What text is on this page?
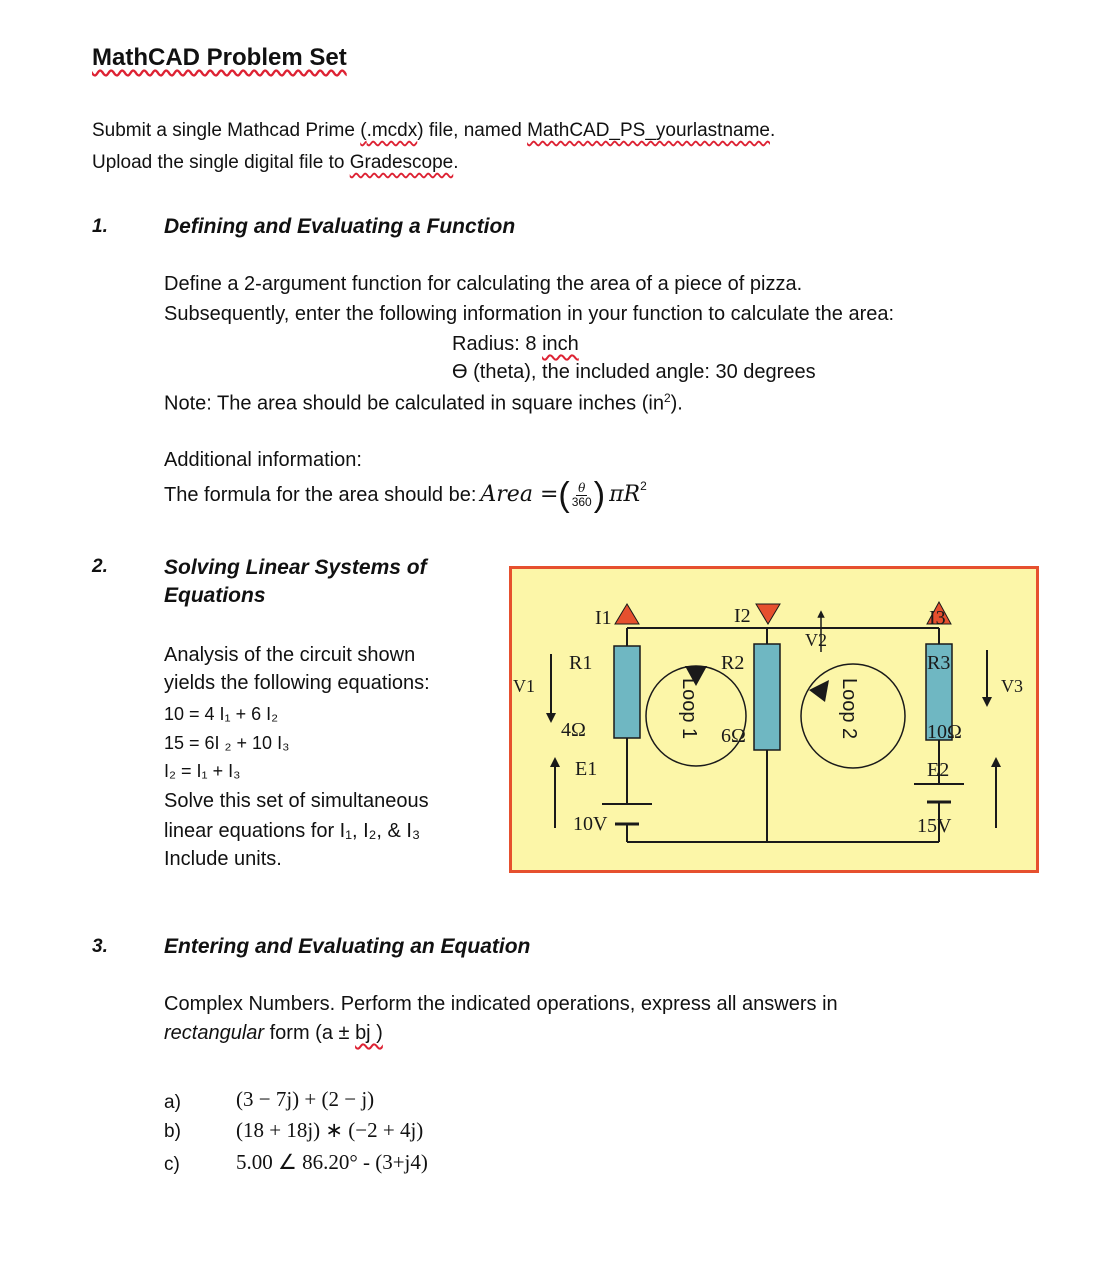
MathCAD Problem Set
Submit a single Mathcad Prime (.mcdx) file, named MathCAD_PS_yourlastname.
Upload the single digital file to Gradescope.
1.	Defining and Evaluating a Function
Define a 2-argument function for calculating the area of a piece of pizza.
Subsequently, enter the following information in your function to calculate the area:
Radius: 8 inch
ϴ (theta), the included angle: 30 degrees
Note: The area should be calculated in square inches $(in^2)$.
Additional information:
The formula for the area should be: Area = ( $\frac{\theta}{360}$ ) $\pi R^2$
2.	Solving Linear Systems of
Equations
Analysis of the circuit shown
yields the following equations:
10 = 4 I₁ + 6 I₂
15 = 6I ₂ + 10 I₃
I₂ = I₁ + I₃
Solve this set of simultaneous
linear equations for I₁, I₂, & I₃
Include units.
I1	I2	I3
V1
V2
V3
R1	R2	R3
4Ω	6Ω	10Ω
E1	E2
10V	15V
Loop 1	Loop 2
3.	Entering and Evaluating an Equation
Complex Numbers. Perform the indicated operations, express all answers in
rectangular form (a ± bj )
a)	(3 − 7j) + (2 − j)
b)	(18 + 18j) ∗ (−2 + 4j)
c)	5.00 ∠ 86.20° - (3+j4)
